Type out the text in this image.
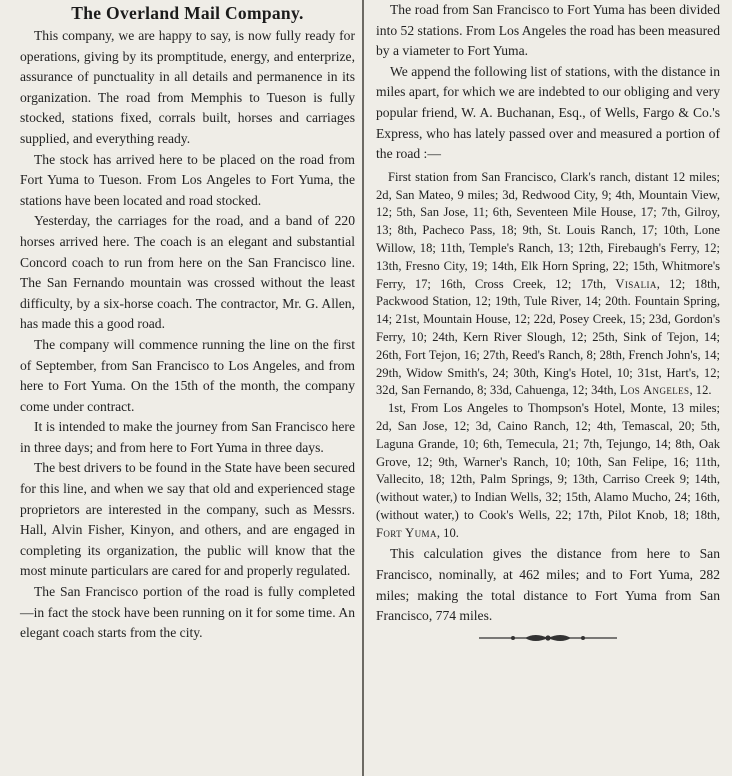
The Overland Mail Company.

This company, we are happy to say, is now fully ready for operations, giving by its promptitude, energy, and enterprize, assurance of punctuality in all details and permanence in its organization. The road from Memphis to Tueson is fully stocked, stations fixed, corrals built, horses and carriages supplied, and everything ready.

The stock has arrived here to be placed on the road from Fort Yuma to Tueson. From Los Angeles to Fort Yuma, the stations have been located and road stocked.

Yesterday, the carriages for the road, and a band of 220 horses arrived here. The coach is an elegant and substantial Concord coach to run from here on the San Francisco line. The San Fernando mountain was crossed without the least difficulty, by a six-horse coach. The contractor, Mr. G. Allen, has made this a good road.

The company will commence running the line on the first of September, from San Francisco to Los Angeles, and from here to Fort Yuma. On the 15th of the month, the company come under contract.

It is intended to make the journey from San Francisco here in three days; and from here to Fort Yuma in three days.

The best drivers to be found in the State have been secured for this line, and when we say that old and experienced stage proprietors are interested in the company, such as Messrs. Hall, Alvin Fisher, Kinyon, and others, and are engaged in completing its organization, the public will know that the most minute particulars are cared for and properly regulated.

The San Francisco portion of the road is fully completed—in fact the stock have been running on it for some time. An elegant coach starts from the city.

The road from San Francisco to Fort Yuma has been divided into 52 stations. From Los Angeles the road has been measured by a viameter to Fort Yuma.

We append the following list of stations, with the distance in miles apart, for which we are indebted to our obliging and very popular friend, W. A. Buchanan, Esq., of Wells, Fargo & Co.'s Express, who has lately passed over and measured a portion of the road :—

First station from San Francisco, Clark's ranch, distant 12 miles; 2d, San Mateo, 9 miles; 3d, Redwood City, 9; 4th, Mountain View, 12; 5th, San Jose, 11; 6th, Seventeen Mile House, 17; 7th, Gilroy, 13; 8th, Pacheco Pass, 18; 9th, St. Louis Ranch, 17; 10th, Lone Willow, 18; 11th, Temple's Ranch, 13; 12th, Firebaugh's Ferry, 12; 13th, Fresno City, 19; 14th, Elk Horn Spring, 22; 15th, Whitmore's Ferry, 17; 16th, Cross Creek, 12; 17th, Visalia, 12; 18th, Packwood Station, 12; 19th, Tule River, 14; 20th. Fountain Spring, 14; 21st, Mountain House, 12; 22d, Posey Creek, 15; 23d, Gordon's Ferry, 10; 24th, Kern River Slough, 12; 25th, Sink of Tejon, 14; 26th, Fort Tejon, 16; 27th, Reed's Ranch, 8; 28th, French John's, 14; 29th, Widow Smith's, 24; 30th, King's Hotel, 10; 31st, Hart's, 12; 32d, San Fernando, 8; 33d, Cahuenga, 12; 34th, Los Angeles, 12.

1st, From Los Angeles to Thompson's Hotel, Monte, 13 miles; 2d, San Jose, 12; 3d, Caino Ranch, 12; 4th, Temascal, 20; 5th, Laguna Grande, 10; 6th, Temecula, 21; 7th, Tejungo, 14; 8th, Oak Grove, 12; 9th, Warner's Ranch, 10; 10th, San Felipe, 16; 11th, Vallecito, 18; 12th, Palm Springs, 9; 13th, Carriso Creek 9; 14th, (without water,) to Indian Wells, 32; 15th, Alamo Mucho, 24; 16th, (without water,) to Cook's Wells, 22; 17th, Pilot Knob, 18; 18th, Fort Yuma, 10.

This calculation gives the distance from here to San Francisco, nominally, at 462 miles; and to Fort Yuma, 282 miles; making the total distance to Fort Yuma from San Francisco, 774 miles.
